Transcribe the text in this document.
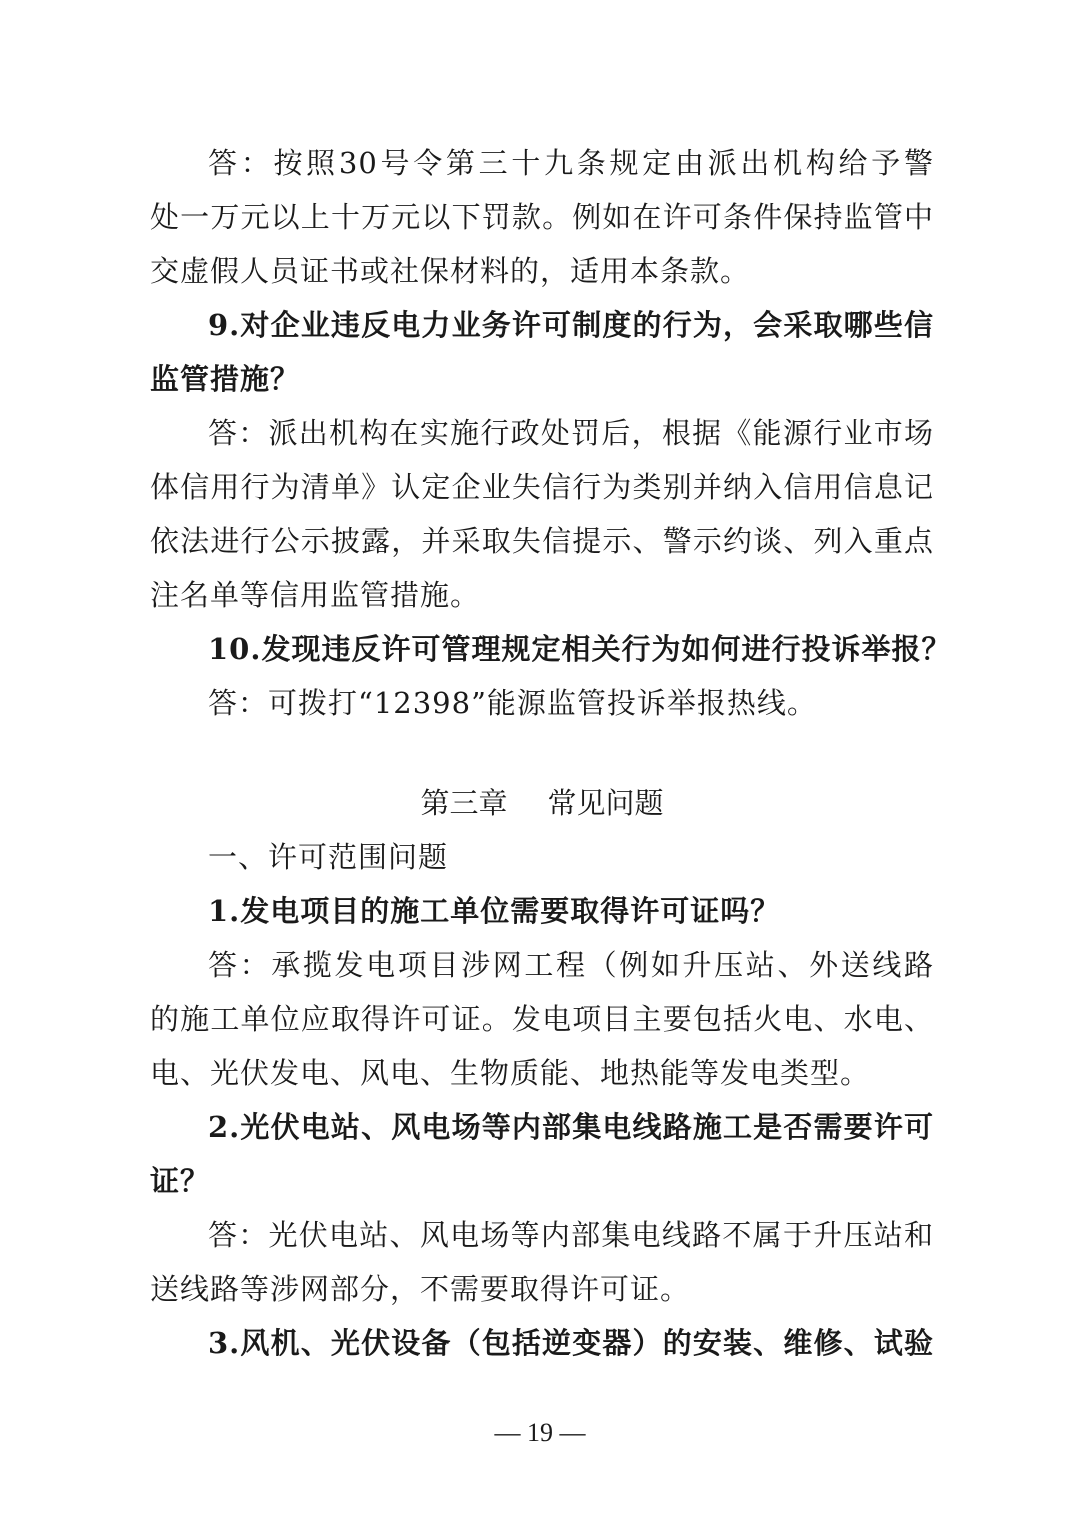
答：按照30号令第三十九条规定由派出机构给予警
处一万元以上十万元以下罚款。例如在许可条件保持监管中
交虚假人员证书或社保材料的，适用本条款。
9.对企业违反电力业务许可制度的行为，会采取哪些信
监管措施？
答：派出机构在实施行政处罚后，根据《能源行业市场
体信用行为清单》认定企业失信行为类别并纳入信用信息记
依法进行公示披露，并采取失信提示、警示约谈、列入重点
注名单等信用监管措施。
10.发现违反许可管理规定相关行为如何进行投诉举报？
答：可拨打“12398”能源监管投诉举报热线。
第三章 常见问题
一、许可范围问题
1.发电项目的施工单位需要取得许可证吗？
答：承揽发电项目涉网工程（例如升压站、外送线路
的施工单位应取得许可证。发电项目主要包括火电、水电、
电、光伏发电、风电、生物质能、地热能等发电类型。
2.光伏电站、风电场等内部集电线路施工是否需要许可
证？
答：光伏电站、风电场等内部集电线路不属于升压站和
送线路等涉网部分，不需要取得许可证。
3.风机、光伏设备（包括逆变器）的安装、维修、试验
— 19 —
